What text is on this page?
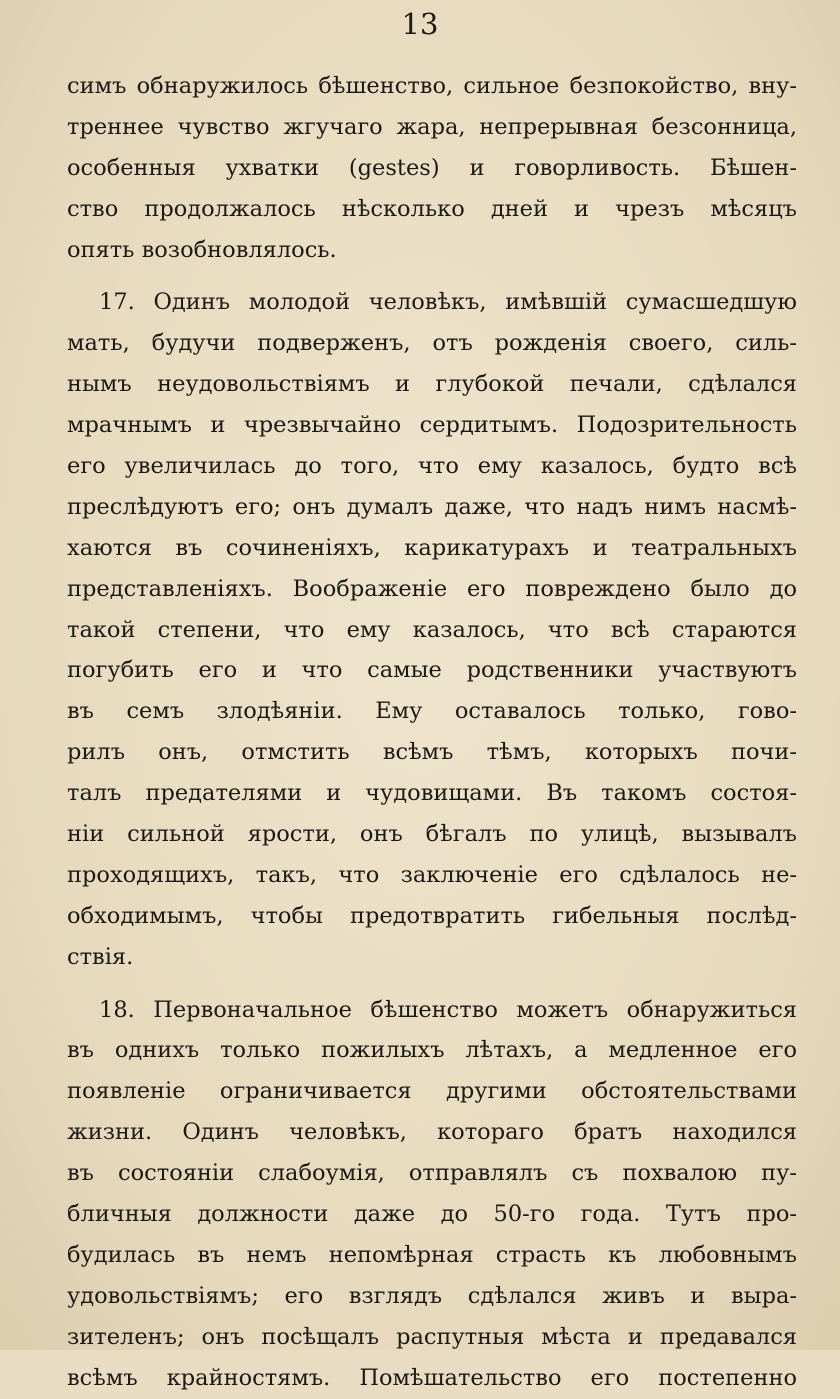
13
симъ обнаружилось бѣшенство, сильное безпокойство, вну-
треннее чувство жгучаго жара, непрерывная безсонница,
особенныя ухватки (gestes) и говорливость. Бѣшен-
ство продолжалось нѣсколько дней и чрезъ мѣсяцъ
опять возобновлялось.
17. Одинъ молодой человѣкъ, имѣвшій сумасшедшую
мать, будучи подверженъ, отъ рожденія своего, силь-
нымъ неудовольствіямъ и глубокой печали, сдѣлался
мрачнымъ и чрезвычайно сердитымъ. Подозрительность
его увеличилась до того, что ему казалось, будто всѣ
преслѣдуютъ его; онъ думалъ даже, что надъ нимъ насмѣ-
хаются въ сочиненіяхъ, карикатурахъ и театральныхъ
представленіяхъ. Воображеніе его повреждено было до
такой степени, что ему казалось, что всѣ стараются
погубить его и что самые родственники участвуютъ
въ семъ злодѣяніи. Ему оставалось только, гово-
рилъ онъ, отмстить всѣмъ тѣмъ, которыхъ почи-
талъ предателями и чудовищами. Въ такомъ состоя-
ніи сильной ярости, онъ бѣгалъ по улицѣ, вызывалъ
проходящихъ, такъ, что заключеніе его сдѣлалось не-
обходимымъ, чтобы предотвратить гибельныя послѣд-
ствія.
18. Первоначальное бѣшенство можетъ обнаружиться
въ однихъ только пожилыхъ лѣтахъ, а медленное его
появленіе ограничивается другими обстоятельствами
жизни. Одинъ человѣкъ, котораго братъ находился
въ состояніи слабоумія, отправлялъ съ похвалою пу-
бличныя должности даже до 50-го года. Тутъ про-
будилась въ немъ непомѣрная страсть къ любовнымъ
удовольствіямъ; его взглядъ сдѣлался живъ и выра-
зителенъ; онъ посѣщалъ распутныя мѣста и предавался
всѣмъ крайностямъ. Помѣшательство его постепенно
